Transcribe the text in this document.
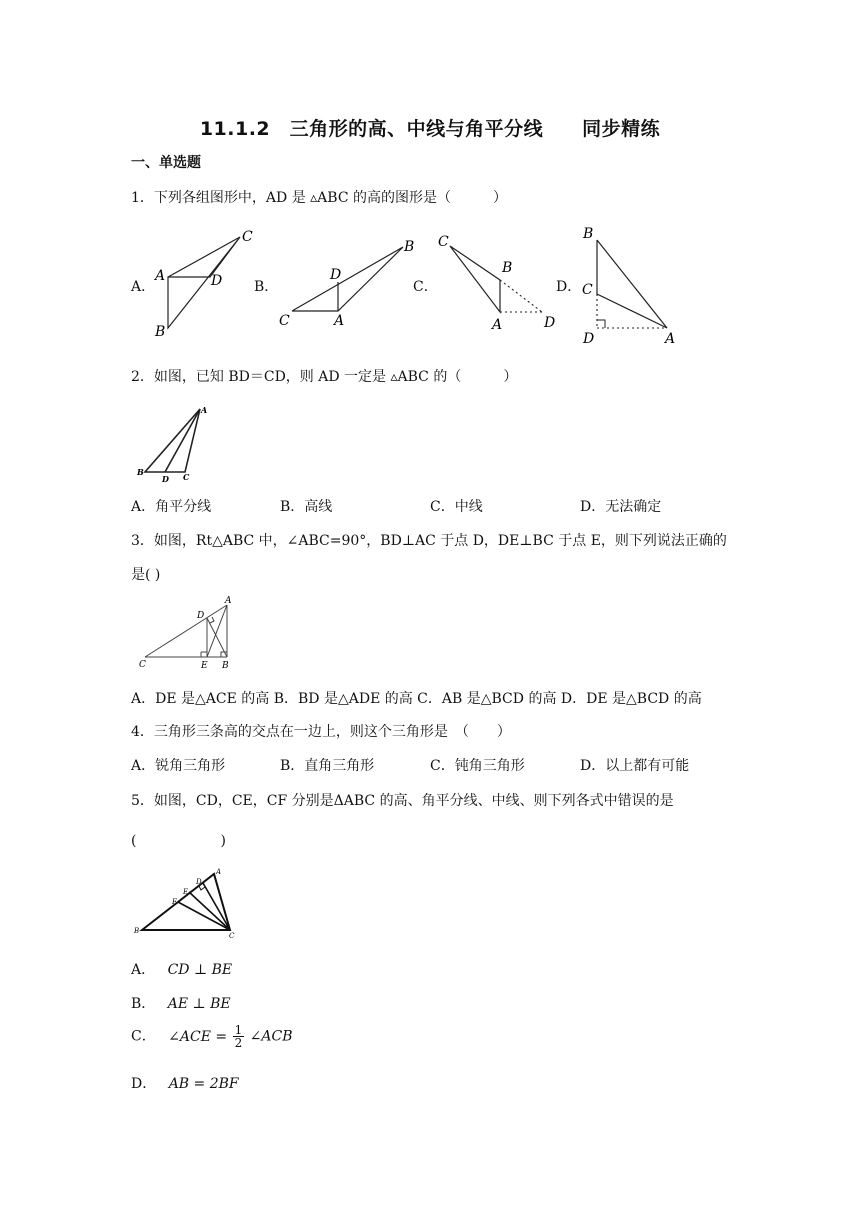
11.1.2　三角形的高、中线与角平分线　　同步精练
一、单选题
1．下列各组图形中，AD 是 ▵ABC 的高的图形是（　　　）
A．
C
A	D
B
B．
B
D
C	A
C．
C
B
A	D
D．
B
C
D	A
2．如图，已知 BD＝CD，则 AD 一定是 ▵ABC 的（　　　）
A
B
D C
A．角平分线	B．高线	C．中线	D．无法确定
3．如图，Rt△ABC 中，∠ABC=90°，BD⊥AC 于点 D，DE⊥BC 于点 E，则下列说法正确的
是( )
D
A
C	E B
A．DE 是△ACE 的高 B．BD 是△ADE 的高 C．AB 是△BCD 的高 D．DE 是△BCD 的高
4．三角形三条高的交点在一边上，则这个三角形是　（　　）
A．锐角三角形	B．直角三角形	C．钝角三角形	D．以上都有可能
5．如图，CD，CE，CF 分别是ΔABC 的高、角平分线、中线、则下列各式中错误的是
(　　　　　　)
A
D
E
F
B
C
A． CD ⊥ BE
B． AE ⊥ BE
C． ∠ACE = $\frac{1}{2}$ ∠ACB
D． AB = 2BF
